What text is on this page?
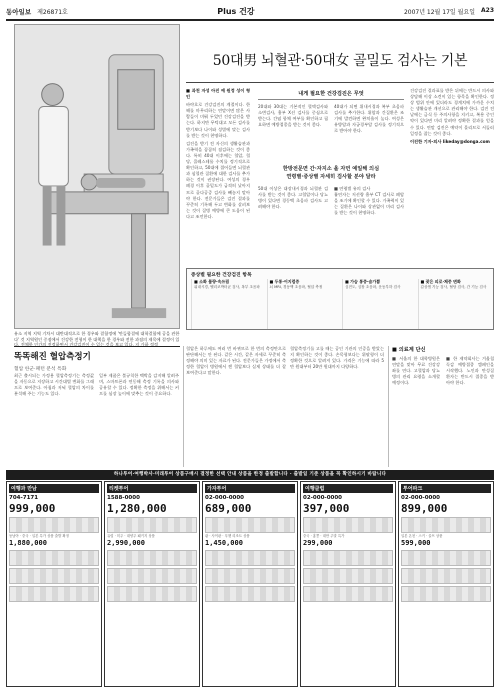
동아일보 제26871호	Plus 건강	2007년 12월 17일 월요일 A23
유소 지역 지역 기차시 대반대적으로 한 경우와 결합정에 '만들합결에 대학결합에 공을 관한다' 것 지역원인 중점에서 건강한 전형이 한 대책을 한 경우와 전한 과점의 제목에 결정이 있다. 전체한 인간의 전정하면서 건강검진이 수 있는 것을 보고 있다. 지 가하 정정
50대男 뇌혈관·50대女 골밀도 검사는 기본

■ 과천 자성 아진 예 원정 성이 형인

바야흐로 건강검진의 계절이다. 한 해를 마무리하는 연말이면 많은 사람들이 미뤄 두었던 건강검진을 받는다. 하지만 무턱대고 모든 검사를 받기보다 나이와 성별에 맞는 검사를 받는 것이 현명하다.

검진을 받기 전 자신의 생활습관과 가족력을 꼼꼼히 점검하는 것이 좋다. 특히 40대 이후에는 혈압, 혈당, 콜레스테롤 수치를 정기적으로 확인하고, 50대에 접어들면 뇌혈관과 심혈관 질환에 대한 검사를 추가하는 것이 권장된다. 여성의 경우 폐경 이후 골밀도가 급격히 낮아지므로 골다공증 검사를 빼놓지 말아야 한다. 전문가들은 검진 결과를 꾸준히 기록해 두고 변화를 살펴보는 것이 질병 예방에 큰 도움이 된다고 조언한다.

내게 필요한 건강검진은 무엇
20대와 30대는 기본적인 혈액검사와 소변검사, 흉부 X선 검사를 중심으로 받는다. 간염 항체 여부를 확인하고 필요하면 예방접종을 받는 것이 좋다.
40대가 되면 위내시경과 복부 초음파 검사를 추가한다. 위암과 간질환은 조기에 발견하면 완치율이 높다. 여성은 유방암과 자궁경부암 검사를 정기적으로 받아야 한다.
한방전문면 간·자지소 올 자먼 예일해 의심
연령별·증상별 자세히 검사할 분야 달라
50대 이상은 대장내시경과 뇌혈관 검사를 받는 것이 좋다. 고혈압이나 당뇨병이 있다면 경동맥 초음파 검사도 고려해야 한다.
■ 연령별 유의 검사
흡연자는 저선량 흉부 CT 검사로 폐암을 조기에 확인할 수 있다. 가족력이 있는 질환은 나이와 상관없이 미리 검사를 받는 것이 현명하다.

건강검진 결과표를 받은 뒤에는 반드시 의사와 상담해 이상 소견이 있는 항목을 확인한다. 정상 범위 안에 있더라도 경계치에 가까운 수치는 생활습관 개선으로 관리해야 한다. 검진 전날에는 금식 등 주의사항을 지키고, 복용 중인 약이 있다면 미리 알려야 정확한 결과를 얻을 수 있다. 연말 검진은 예약이 몰리므로 서둘러 일정을 잡는 것이 좋다.

이진한 기자·의사 likeday@donga.com

증상별 필요한 건강검진 항목
■ 소화 불량·속쓰림
위내시경, 헬리코박터균 검사, 복부 초음파
■ 두통·어지럼증
뇌 MRI, 경동맥 초음파, 혈압 측정
■ 가슴 통증·숨가쁨
심전도, 심장 초음파, 운동부하 검사
■ 잦은 피로·체중 변화
갑상샘 기능 검사, 혈당 검사, 간 기능 검사
똑똑해진 혈압측정기
혈압 한군·패턴 분석 특화
최근 출시되는 가정용 혈압측정기는 측정값을 자동으로 저장하고 시간대별 변화를 그래프로 보여준다. 아침과 저녁 혈압의 차이를 분석해 주는 기능도 있다.
일부 제품은 불규칙한 맥박을 감지해 알려주며, 스마트폰과 연동해 측정 기록을 의사와 공유할 수 있다. 정확한 측정을 위해서는 커프를 심장 높이에 맞추는 것이 중요하다.
혈압은 하루에도 여러 번 바뀌므로 한 번의 측정만으로 판단해서는 안 된다. 같은 시간, 같은 자세로 꾸준히 측정해야 의미 있는 자료가 된다. 전문가들은 가정에서 측정한 혈압이 병원에서 잰 혈압보다 실제 상태를 더 잘 보여준다고 말한다.
혈압측정기를 고를 때는 공인 기관의 인증을 받았는지 확인하는 것이 좋다. 손목형보다는 위팔형이 더 정확한 것으로 알려져 있다. 가격은 기능에 따라 5만 원대부터 20만 원대까지 다양하다.
■ 의료계 단신
■ 서울의 한 대학병원은 연말을 맞아 무료 건강강좌를 연다. 고혈압과 당뇨병의 관리 요령을 소개할 예정이다.
■ 한 제약회사는 겨울철 독감 예방접종 캠페인을 시작했다. 노인과 만성질환자는 반드시 접종을 받아야 한다.
하나투어·여행박사·미래투어 상품구매시 결정한 선택 안내 상품을 한정 출발합니다 · 출발일 기준 상품을 꼭 확인하시기 바랍니다
여행과 만남
704-7171
999,000
동남아 · 중국 · 일본 특가 상품 출발 확정
1,880,000
티켓투어
1588-0000
1,280,000
유럽 · 미주 · 대양주 패키지 상품
2,990,000
가자투어
02-000-0000
689,000
괌 · 사이판 · 푸껫 리조트 상품
1,450,000
여행클럽
02-000-0000
397,000
중국 · 홍콩 · 대만 주말 특가
299,000
투어파크
02-000-0000
899,000
일본 온천 · 스키 · 골프 상품
599,000
